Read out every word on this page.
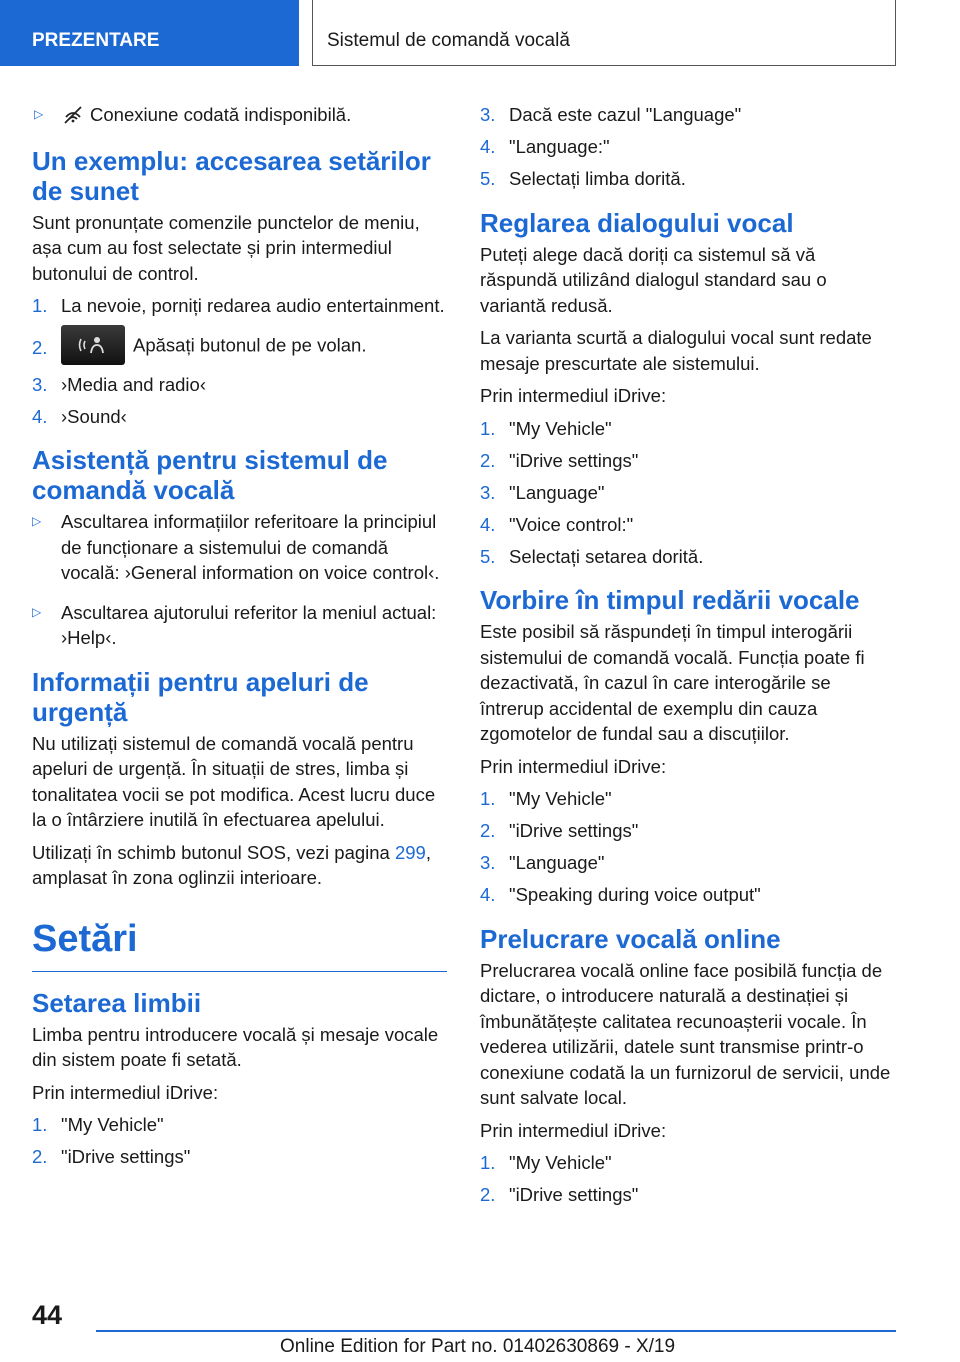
PREZENTARE	Sistemul de comandă vocală
▷	Conexiune codată indisponibilă.
Un exemplu: accesarea setărilor de sunet
Sunt pronunțate comenzile punctelor de meniu, așa cum au fost selectate și prin intermediul butonului de control.
1. La nevoie, porniți redarea audio entertainment.
2.	Apăsați butonul de pe volan.
3. ›Media and radio‹
4. ›Sound‹
Asistență pentru sistemul de comandă vocală
▷ Ascultarea informațiilor referitoare la principiul de funcționare a sistemului de comandă vocală: ›General information on voice control‹.
▷ Ascultarea ajutorului referitor la meniul actual: ›Help‹.
Informații pentru apeluri de urgență
Nu utilizați sistemul de comandă vocală pentru apeluri de urgență. În situații de stres, limba și tonalitatea vocii se pot modifica. Acest lucru duce la o întârziere inutilă în efectuarea apelului.
Utilizați în schimb butonul SOS, vezi pagina 299, amplasat în zona oglinzii interioare.
Setări
Setarea limbii
Limba pentru introducere vocală și mesaje vocale din sistem poate fi setată.
Prin intermediul iDrive:
1. "My Vehicle"
2. "iDrive settings"
3. Dacă este cazul "Language"
4. "Language:"
5. Selectați limba dorită.
Reglarea dialogului vocal
Puteți alege dacă doriți ca sistemul să vă răspundă utilizând dialogul standard sau o variantă redusă.
La varianta scurtă a dialogului vocal sunt redate mesaje prescurtate ale sistemului.
Prin intermediul iDrive:
1. "My Vehicle"
2. "iDrive settings"
3. "Language"
4. "Voice control:"
5. Selectați setarea dorită.
Vorbire în timpul redării vocale
Este posibil să răspundeți în timpul interogării sistemului de comandă vocală. Funcția poate fi dezactivată, în cazul în care interogările se întrerup accidental de exemplu din cauza zgomotelor de fundal sau a discuțiilor.
Prin intermediul iDrive:
1. "My Vehicle"
2. "iDrive settings"
3. "Language"
4. "Speaking during voice output"
Prelucrare vocală online
Prelucrarea vocală online face posibilă funcția de dictare, o introducere naturală a destinației și îmbunătățește calitatea recunoașterii vocale. În vederea utilizării, datele sunt transmise printr-o conexiune codată la un furnizorul de servicii, unde sunt salvate local.
Prin intermediul iDrive:
1. "My Vehicle"
2. "iDrive settings"
44
Online Edition for Part no. 01402630869 - X/19
